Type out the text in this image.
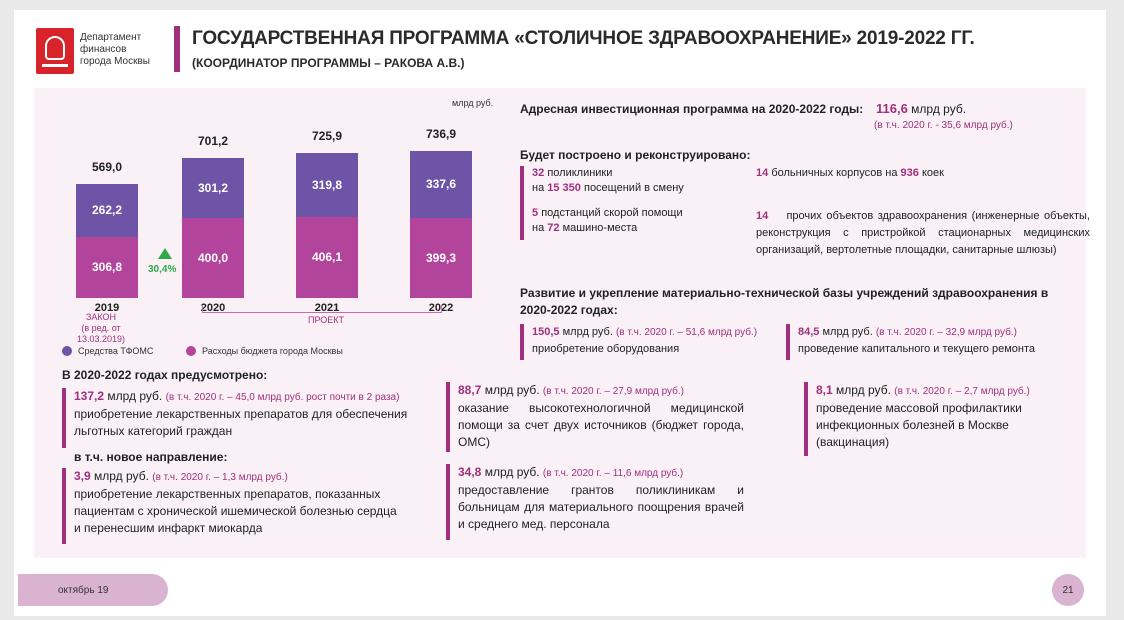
Департамент
финансов
города Москвы
ГОСУДАРСТВЕННАЯ ПРОГРАММА «СТОЛИЧНОЕ ЗДРАВООХРАНЕНИЕ» 2019-2022 ГГ.
(КООРДИНАТОР ПРОГРАММЫ – РАКОВА А.В.)
млрд руб.
306,8
262,2
569,0
2019
400,0
301,2
701,2
2020
406,1
319,8
725,9
2021
399,3
337,6
736,9
2022
ЗАКОН
(в ред. от 13.03.2019)
30,4%
ПРОЕКТ
Средства ТФОМС	Расходы бюджета города Москвы
Адресная инвестиционная программа на 2020-2022 годы: 116,6 млрд руб.
(в т.ч. 2020 г. - 35,6 млрд руб.)
Будет построено и реконструировано:
32 поликлиники
на 15 350 посещений в смену
5 подстанций скорой помощи
на 72 машино-места
14 больничных корпусов на 936 коек
14 прочих объектов здравоохранения (инженерные объекты, реконструкция с пристройкой стационарных медицинских организаций, вертолетные площадки, санитарные шлюзы)
Развитие и укрепление материально-технической базы учреждений здравоохранения в
2020-2022 годах:
150,5 млрд руб. (в т.ч. 2020 г. – 51,6 млрд руб.)
приобретение оборудования
84,5 млрд руб. (в т.ч. 2020 г. – 32,9 млрд руб.)
проведение капитального и текущего ремонта
В 2020-2022 годах предусмотрено:
137,2 млрд руб. (в т.ч. 2020 г. – 45,0 млрд руб. рост почти в 2 раза)
приобретение лекарственных препаратов для обеспечения льготных категорий граждан
в т.ч. новое направление:
3,9 млрд руб. (в т.ч. 2020 г. – 1,3 млрд руб.)
приобретение лекарственных препаратов, показанных пациентам с хронической ишемической болезнью сердца и перенесшим инфаркт миокарда
88,7 млрд руб. (в т.ч. 2020 г. – 27,9 млрд руб.)
оказание высокотехнологичной медицинской помощи за счет двух источников (бюджет города, ОМС)
34,8 млрд руб. (в т.ч. 2020 г. – 11,6 млрд руб.)
предоставление грантов поликлиникам и больницам для материального поощрения врачей и среднего мед. персонала
8,1 млрд руб. (в т.ч. 2020 г. – 2,7 млрд руб.)
проведение массовой профилактики инфекционных болезней в Москве (вакцинация)
октябрь 19	21
